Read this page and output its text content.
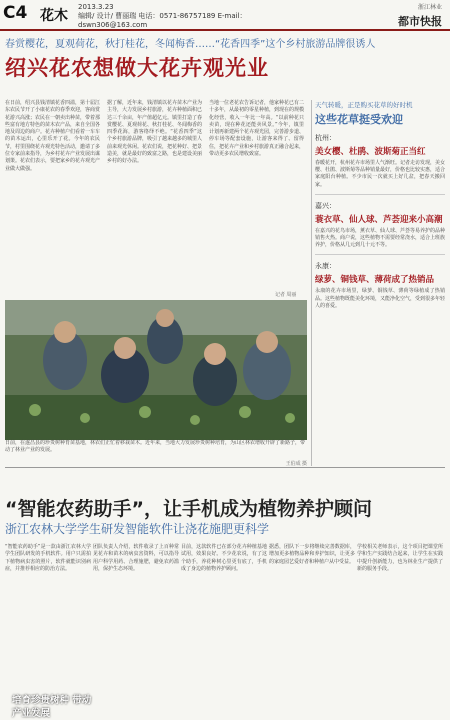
C4 花木 编辑/ 设计/ 曹丽瑞 电话：0571-86757189 E-mail：dswn306@163.com
2013.3.23	浙江林业
都市快报
春赏樱花，夏观荷花，秋打桂花，冬闻梅香……“花香四季”这个乡村旅游品牌很诱人
绍兴花农想做大花卉观光业
在日前，绍兴县钱清镇花香四溢，第十届江东农民节开了小康花农的春季欢迎，客商赏花游兴高涨；农民在一朝卖出种苗，带着那些富有地方特色的苗木农产品，来自全国各地及周边的商户。花卉种植户们看着一车车的苗木运出，心里乐开了花。今年的农民节，村里围绕花卉观光特色活动，邀请了多位专家前来指导，为乡村花卉产业发展出谋划策。花农们表示，要把家乡的花卉观光产业做大做强。
据了解，近年来，钱清镇以花卉苗木产业为主导，大力发展乡村旅游，花卉种植面积已达三千余亩，年产值超亿元。镇里打造了春赏樱花、夏观荷花、秋打桂花、冬闻梅香的四季花海，游客络绎不绝。“花香四季”这个乡村旅游品牌，吸引了越来越多的城里人前来观光休闲。花农们说，把花种好、把景造美，就是最好的致富之路，也是建设美丽乡村的好办法。
当地一位老花农告诉记者，他家种花已有二十多年，从最初的零星种植，到现在的规模化经营，收入一年比一年高。“以前种花只卖苗，现在种花还能卖风景。”今年，镇里计划再新建两个花卉观光园，完善游步道、停车场等配套设施，让游客来得了、留得住，把花卉产业和乡村旅游真正融合起来，带动更多农民增收致富。
记者 周丽
培育珍贵树种 带动产业发展
日前，在遂昌县的珍贵树种育苗基地，林农们正忙着移栽苗木。近年来，当地大力发展珍贵树种培育，为山区林农增收开辟了新路子，带动了林业产业的发展。
王伯成 摄
天气转暖，正是购买花草的好时机
这些花草挺受欢迎
杭州：
美女樱、杜鹃、波斯菊正当红
春暖花开，杭州花卉市场里人气渐旺。记者走访发现，美女樱、杜鹃、波斯菊等品种销量最好，价格也比较实惠，适合家庭阳台种植。不少市民一次就买上好几盆，把春天搬回家。
嘉兴：
蓑衣草、仙人球、芦荟迎来小高潮
在嘉兴的花鸟市场，薰衣草、仙人球、芦荟等易养护的品种销售火热。商户说，这些植物不需要经常浇水，适合上班族养护，价格从几元到几十元不等。
永康：
绿萝、铜钱草、薄荷成了热销品
永康的花卉市场里，绿萝、铜钱草、薄荷等绿植成了热销品。这些植物既能美化环境，又能净化空气，受到很多年轻人的喜爱。
“智能农药助手”，让手机成为植物养护顾问
浙江农林大学学生研发智能软件让浇花施肥更科学
“智能农药助手”是一款由浙江农林大学学生团队研发的手机软件。用户只需拍下植物病虫害的照片，软件就能识别病症，并推荐相应的防治方法。
团队负责人介绍，软件收录了上百种常见花卉和苗木的病虫害资料，可以指导用户科学用药、合理施肥，避免农药滥用，保护生态环境。
目前，这款软件已在部分花卉种植基地试用，效果良好。不少花农说，有了这个助手，养花种树心里更有底了，手机成了身边的植物养护顾问。
据悉，团队下一步将继续完善数据库，增加更多植物品种和养护知识，让更多的家庭园艺爱好者和种植户从中受益。
学校相关老师表示，这个项目把课堂所学和生产实践结合起来，让学生在实践中提升创新能力，也为林业生产提供了新的服务手段。
